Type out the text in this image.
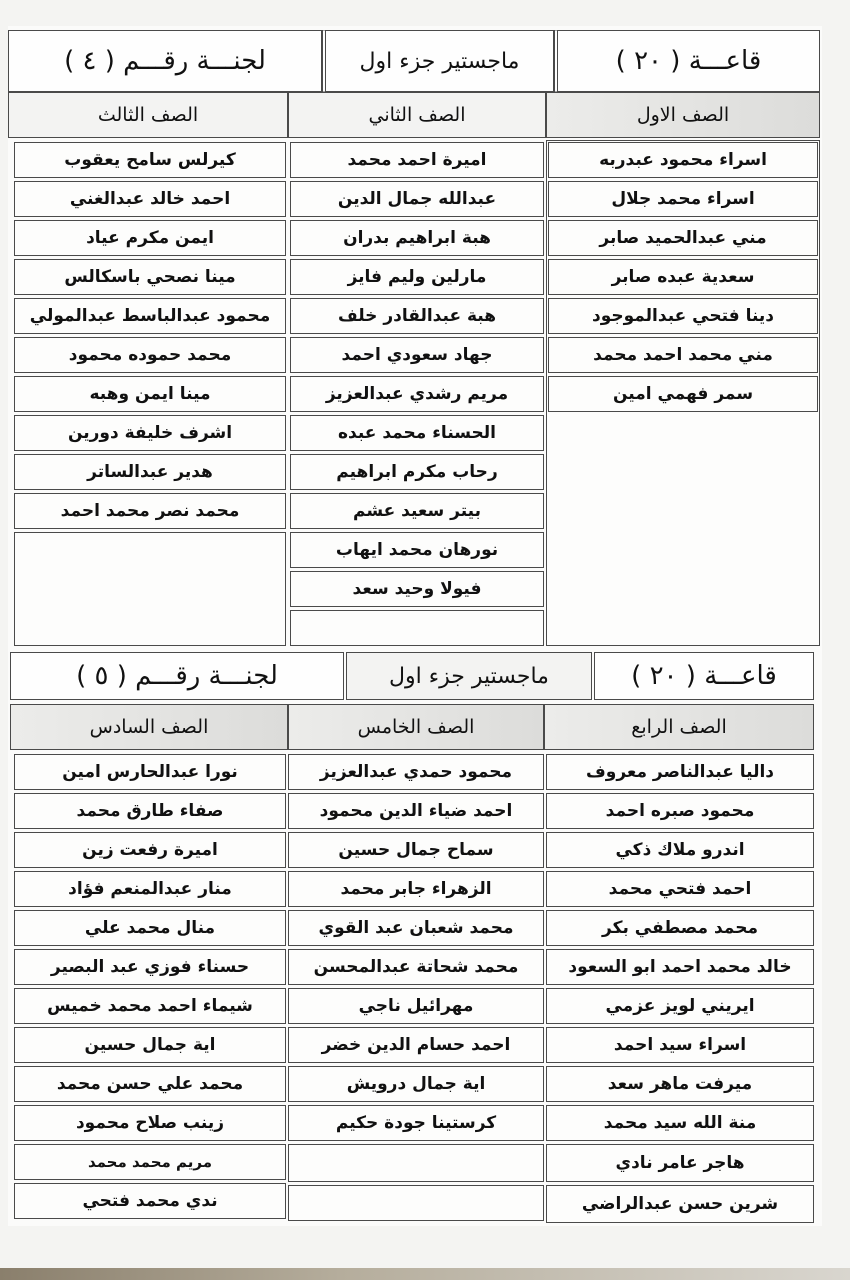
قاعـــة ( ٢٠ )
ماجستير جزء اول
لجنـــة رقـــم ( ٤ )
الصف الاول
الصف الثاني
الصف الثالث
اسراء محمود عبدربه
اسراء محمد جلال
مني عبدالحميد صابر
سعدية عبده صابر
دينا فتحي عبدالموجود
مني محمد احمد محمد
سمر فهمي امين
اميرة احمد محمد
عبدالله جمال الدين
هبة ابراهيم بدران
مارلين وليم فايز
هبة عبدالقادر خلف
جهاد سعودي احمد
مريم رشدي عبدالعزيز
الحسناء محمد عبده
رحاب مكرم ابراهيم
بيتر سعيد عشم
نورهان محمد ايهاب
فيولا وحيد سعد
كيرلس سامح يعقوب
احمد خالد عبدالغني
ايمن مكرم عياد
مينا نصحي باسكالس
محمود عبدالباسط عبدالمولي
محمد حموده محمود
مينا ايمن وهبه
اشرف خليفة دورين
هدير عبدالساتر
محمد نصر محمد احمد
قاعـــة ( ٢٠ )
ماجستير جزء اول
لجنـــة رقـــم ( ٥ )
الصف الرابع
الصف الخامس
الصف السادس
داليا عبدالناصر معروف
محمود صبره احمد
اندرو ملاك ذكي
احمد فتحي محمد
محمد مصطفي بكر
خالد محمد احمد ابو السعود
ايريني لويز عزمي
اسراء سيد احمد
ميرفت ماهر سعد
منة الله سيد محمد
هاجر عامر نادي
شرين حسن عبدالراضي
محمود حمدي عبدالعزيز
احمد ضياء الدين محمود
سماح جمال حسين
الزهراء جابر محمد
محمد شعبان عبد القوي
محمد شحاتة عبدالمحسن
مهرائيل ناجي
احمد حسام الدين خضر
اية جمال درويش
كرستينا جودة حكيم
نورا عبدالحارس امين
صفاء طارق محمد
اميرة رفعت زين
منار عبدالمنعم فؤاد
منال محمد علي
حسناء فوزي عبد البصير
شيماء احمد محمد خميس
اية جمال حسين
محمد علي حسن محمد
زينب صلاح محمود
مريم محمد محمد
ندي محمد فتحي
